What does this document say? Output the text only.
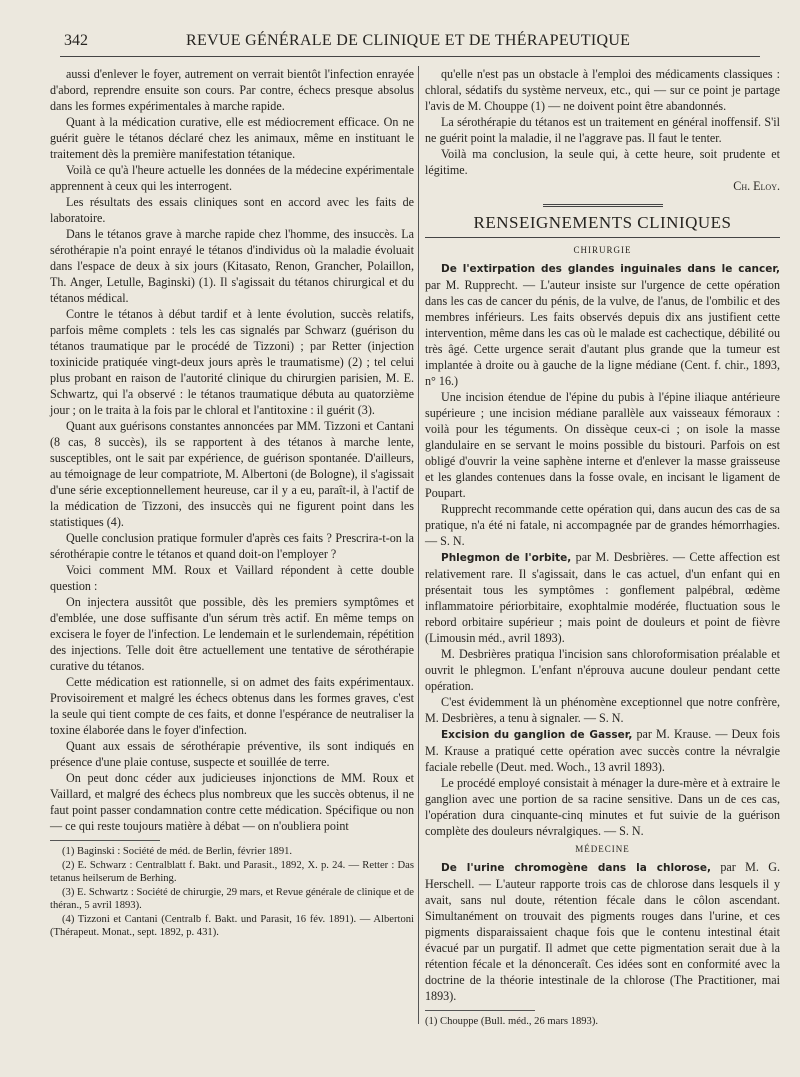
342	REVUE GÉNÉRALE DE CLINIQUE ET DE THÉRAPEUTIQUE

aussi d'enlever le foyer, autrement on verrait bientôt l'infection enrayée d'abord, reprendre ensuite son cours. Par contre, échecs presque absolus dans les formes expérimentales à marche rapide.

Quant à la médication curative, elle est médiocrement efficace. On ne guérit guère le tétanos déclaré chez les animaux, même en instituant le traitement dès la première manifestation tétanique.

Voilà ce qu'à l'heure actuelle les données de la médecine expérimentale apprennent à ceux qui les interrogent.

Les résultats des essais cliniques sont en accord avec les faits de laboratoire.

Dans le tétanos grave à marche rapide chez l'homme, des insuccès. La sérothérapie n'a point enrayé le tétanos d'individus où la maladie évoluait dans l'espace de deux à six jours (Kitasato, Renon, Grancher, Polaillon, Th. Anger, Letulle, Baginski) (1). Il s'agissait du tétanos chirurgical et du tétanos médical.

Contre le tétanos à début tardif et à lente évolution, succès relatifs, parfois même complets : tels les cas signalés par Schwarz (guérison du tétanos traumatique par le procédé de Tizzoni) ; par Retter (injection toxinicide pratiquée vingt-deux jours après le traumatisme) (2) ; tel celui plus probant en raison de l'autorité clinique du chirurgien parisien, M. E. Schwartz, qui l'a observé : le tétanos traumatique débuta au quatorzième jour ; on le traita à la fois par le chloral et l'antitoxine : il guérit (3).

Quant aux guérisons constantes annoncées par MM. Tizzoni et Cantani (8 cas, 8 succès), ils se rapportent à des tétanos à marche lente, susceptibles, ont le sait par expérience, de guérison spontanée. D'ailleurs, au témoignage de leur compatriote, M. Albertoni (de Bologne), il s'agissait d'une série exceptionnellement heureuse, car il y a eu, paraît-il, à l'actif de la médication de Tizzoni, des insuccès qui ne figurent point dans les statistiques (4).

Quelle conclusion pratique formuler d'après ces faits ? Prescrira-t-on la sérothérapie contre le tétanos et quand doit-on l'employer ?

Voici comment MM. Roux et Vaillard répondent à cette double question :

On injectera aussitôt que possible, dès les premiers symptômes et d'emblée, une dose suffisante d'un sérum très actif. En même temps on excisera le foyer de l'infection. Le lendemain et le surlendemain, répétition des injections. Telle doit être actuellement une tentative de sérothérapie curative du tétanos.

Cette médication est rationnelle, si on admet des faits expérimentaux. Provisoirement et malgré les échecs obtenus dans les formes graves, c'est la seule qui tient compte de ces faits, et donne l'espérance de neutraliser la toxine élaborée dans le foyer d'infection.

Quant aux essais de sérothérapie préventive, ils sont indiqués en présence d'une plaie contuse, suspecte et souillée de terre.

On peut donc céder aux judicieuses injonctions de MM. Roux et Vaillard, et malgré des échecs plus nombreux que les succès obtenus, il ne faut point passer condamnation contre cette médication. Spécifique ou non — ce qui reste toujours matière à débat — on n'oubliera point

(1) Baginski : Société de méd. de Berlin, février 1891.

(2) E. Schwarz : Centralblatt f. Bakt. und Parasit., 1892, X. p. 24. — Retter : Das tetanus heilserum de Berhing.

(3) E. Schwartz : Société de chirurgie, 29 mars, et Revue générale de clinique et de théran., 5 avril 1893).

(4) Tizzoni et Cantani (Centralb f. Bakt. und Parasit, 16 fév. 1891). — Albertoni (Thérapeut. Monat., sept. 1892, p. 431).

qu'elle n'est pas un obstacle à l'emploi des médicaments classiques : chloral, sédatifs du système nerveux, etc., qui — sur ce point je partage l'avis de M. Chouppe (1) — ne doivent point être abandonnés.

La sérothérapie du tétanos est un traitement en général inoffensif. S'il ne guérit point la maladie, il ne l'aggrave pas. Il faut le tenter.

Voilà ma conclusion, la seule qui, à cette heure, soit prudente et légitime.

Ch. Eloy.

RENSEIGNEMENTS CLINIQUES
CHIRURGIE

De l'extirpation des glandes inguinales dans le cancer, par M. Rupprecht. — L'auteur insiste sur l'urgence de cette opération dans les cas de cancer du pénis, de la vulve, de l'anus, de l'ombilic et des membres inférieurs. Les faits observés depuis dix ans justifient cette intervention, même dans les cas où le malade est cachectique, débilité ou très âgé. Cette urgence serait d'autant plus grande que la tumeur est implantée à droite ou à gauche de la ligne médiane (Cent. f. chir., 1893, n° 16.)

Une incision étendue de l'épine du pubis à l'épine iliaque antérieure supérieure ; une incision médiane parallèle aux vaisseaux fémoraux : voilà pour les téguments. On dissèque ceux-ci ; on isole la masse glandulaire en se servant le moins possible du bistouri. Parfois on est obligé d'ouvrir la veine saphène interne et d'enlever la masse graisseuse et les glandes contenues dans la fosse ovale, en incisant le ligament de Poupart.

Rupprecht recommande cette opération qui, dans aucun des cas de sa pratique, n'a été ni fatale, ni accompagnée par de grandes hémorrhagies. — S. N.

Phlegmon de l'orbite, par M. Desbrières. — Cette affection est relativement rare. Il s'agissait, dans le cas actuel, d'un enfant qui en présentait tous les symptômes : gonflement palpébral, œdème inflammatoire périorbitaire, exophtalmie modérée, fluctuation sous le rebord orbitaire supérieur ; mais point de douleurs et point de fièvre (Limousin méd., avril 1893).

M. Desbrières pratiqua l'incision sans chloroformisation préalable et ouvrit le phlegmon. L'enfant n'éprouva aucune douleur pendant cette opération.

C'est évidemment là un phénomène exceptionnel que notre confrère, M. Desbrières, a tenu à signaler. — S. N.

Excision du ganglion de Gasser, par M. Krause. — Deux fois M. Krause a pratiqué cette opération avec succès contre la névralgie faciale rebelle (Deut. med. Woch., 13 avril 1893).

Le procédé employé consistait à ménager la dure-mère et à extraire le ganglion avec une portion de sa racine sensitive. Dans un de ces cas, l'opération dura cinquante-cinq minutes et fut suivie de la guérison complète des douleurs névralgiques. — S. N.

MÉDECINE

De l'urine chromogène dans la chlorose, par M. G. Herschell. — L'auteur rapporte trois cas de chlorose dans lesquels il y avait, sans nul doute, rétention fécale dans le côlon ascendant. Simultanément on trouvait des pigments rouges dans l'urine, et ces pigments disparaissaient chaque fois que le contenu intestinal était évacué par un purgatif. Il admet que cette pigmentation serait due à la rétention fécale et la dénonceraît. Ces idées sont en conformité avec la doctrine de la théorie intestinale de la chlorose (The Practitioner, mai 1893).

(1) Chouppe (Bull. méd., 26 mars 1893).
